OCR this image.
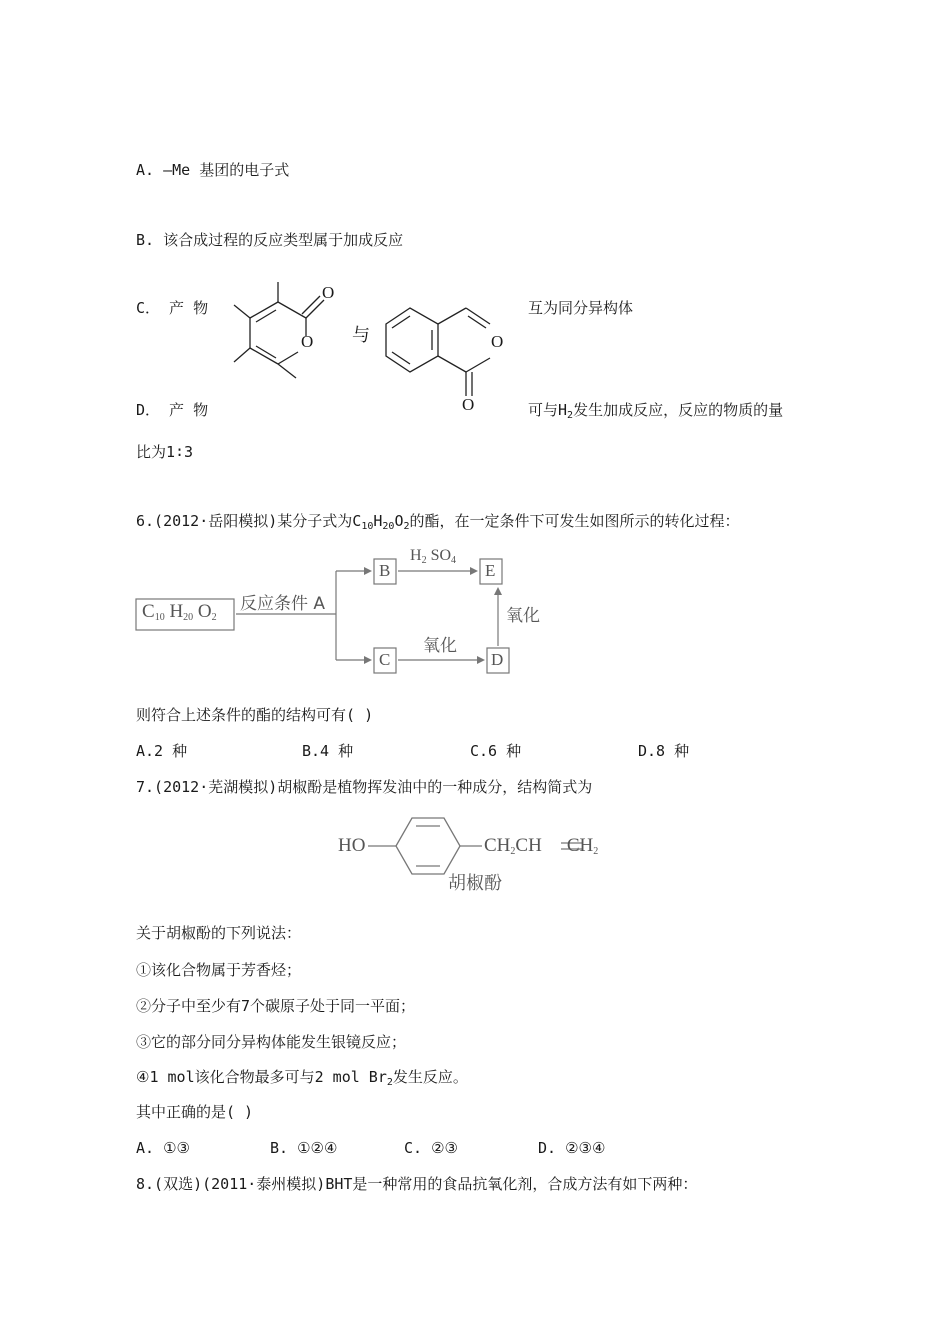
A. —Me 基团的电子式
B. 该合成过程的反应类型属于加成反应
C． 产 物	互为同分异构体
O
O 与	O
O
D． 产 物	可与$H_2$发生加成反应，反应的物质的量
比为1∶3
6.(2012·岳阳模拟)某分子式为$C_{10}H_{20}O_2$的酯，在一定条件下可发生如图所示的转化过程：
$C_{10}$ $H_{20}$ $O_2$
反应条件 A
B	E
C	D
$H_2$ $SO_4$
氧化
氧化
则符合上述条件的酯的结构可有( )
A.2 种	B.4 种	C.6 种	D.8 种
7.(2012·芜湖模拟)胡椒酚是植物挥发油中的一种成分，结构简式为
HO	$CH_2CH$ $CH_2$
胡椒酚
关于胡椒酚的下列说法：
①该化合物属于芳香烃；
②分子中至少有7个碳原子处于同一平面；
③它的部分同分异构体能发生银镜反应；
④1 mol该化合物最多可与2 mol $Br_2$发生反应。
其中正确的是( )
A. ①③	B. ①②④	C. ②③	D. ②③④
8.(双选)(2011·泰州模拟)BHT是一种常用的食品抗氧化剂，合成方法有如下两种：
